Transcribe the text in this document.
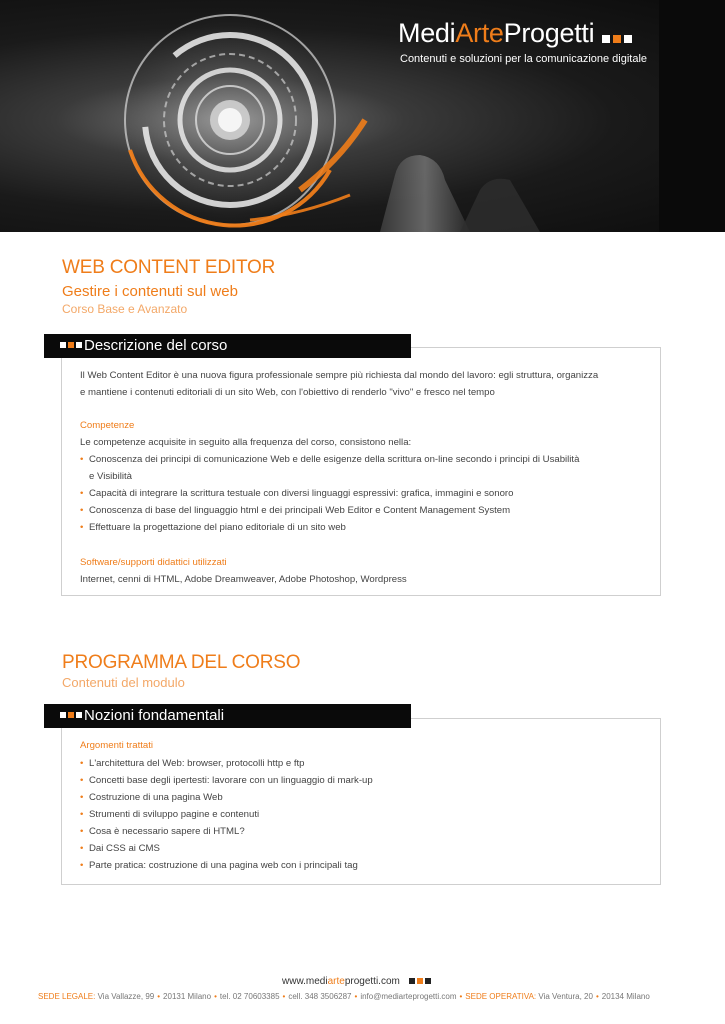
MediArteProgetti
Contenuti e soluzioni per la comunicazione digitale
WEB CONTENT EDITOR
Gestire i contenuti sul web
Corso Base e Avanzato
Descrizione del corso
Il Web Content Editor è una nuova figura professionale sempre più richiesta dal mondo del lavoro: egli struttura, organizza
e mantiene i contenuti editoriali di un sito Web, con l'obiettivo di renderlo "vivo" e fresco nel tempo
Competenze
Le competenze acquisite in seguito alla frequenza del corso, consistono nella:
• Conoscenza dei principi di comunicazione Web e delle esigenze della scrittura on-line secondo i principi di Usabilità
e Visibilità
• Capacità di integrare la scrittura testuale con diversi linguaggi espressivi: grafica, immagini e sonoro
• Conoscenza di base del linguaggio html e dei principali Web Editor e Content Management System
• Effettuare la progettazione del piano editoriale di un sito web
Software/supporti didattici utilizzati
Internet, cenni di HTML, Adobe Dreamweaver, Adobe Photoshop, Wordpress
PROGRAMMA DEL CORSO
Contenuti del modulo
Nozioni fondamentali
Argomenti trattati
• L'architettura del Web: browser, protocolli http e ftp
• Concetti base degli ipertesti: lavorare con un linguaggio di mark-up
• Costruzione di una pagina Web
• Strumenti di sviluppo pagine e contenuti
• Cosa è necessario sapere di HTML?
• Dai CSS ai CMS
• Parte pratica: costruzione di una pagina web con i principali tag
www.mediarteprogetti.com
SEDE LEGALE: Via Vallazze, 99 • 20131 Milano • tel. 02 70603385 • cell. 348 3506287 • info@mediarteprogetti.com • SEDE OPERATIVA: Via Ventura, 20 • 20134 Milano
